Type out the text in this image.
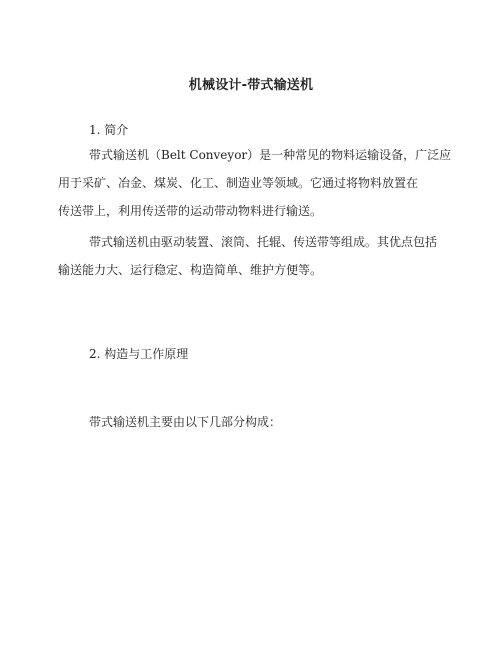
机械设计-带式输送机
1. 简介
带式输送机（Belt Conveyor）是一种常见的物料运输设备，广泛应
用于采矿、冶金、煤炭、化工、制造业等领域。它通过将物料放置在
传送带上，利用传送带的运动带动物料进行输送。
带式输送机由驱动装置、滚筒、托辊、传送带等组成。其优点包括
输送能力大、运行稳定、构造简单、维护方便等。
2. 构造与工作原理
带式输送机主要由以下几部分构成：
